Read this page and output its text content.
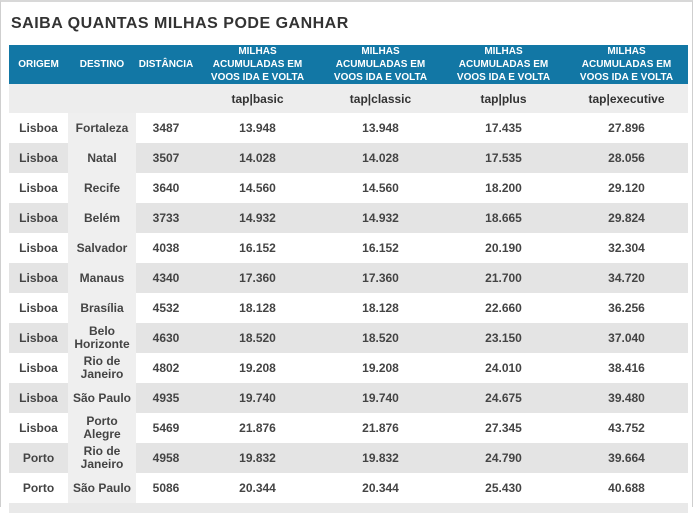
SAIBA QUANTAS MILHAS PODE GANHAR
ORIGEM	DESTINO	DISTÂNCIA	MILHAS ACUMULADAS EM VOOS IDA E VOLTA	MILHAS ACUMULADAS EM VOOS IDA E VOLTA	MILHAS ACUMULADAS EM VOOS IDA E VOLTA	MILHAS ACUMULADAS EM VOOS IDA E VOLTA
			tap|basic	tap|classic	tap|plus	tap|executive
Lisboa	Fortaleza	3487	13.948	13.948	17.435	27.896
Lisboa	Natal	3507	14.028	14.028	17.535	28.056
Lisboa	Recife	3640	14.560	14.560	18.200	29.120
Lisboa	Belém	3733	14.932	14.932	18.665	29.824
Lisboa	Salvador	4038	16.152	16.152	20.190	32.304
Lisboa	Manaus	4340	17.360	17.360	21.700	34.720
Lisboa	Brasília	4532	18.128	18.128	22.660	36.256
Lisboa	Belo Horizonte	4630	18.520	18.520	23.150	37.040
Lisboa	Rio de Janeiro	4802	19.208	19.208	24.010	38.416
Lisboa	São Paulo	4935	19.740	19.740	24.675	39.480
Lisboa	Porto Alegre	5469	21.876	21.876	27.345	43.752
Porto	Rio de Janeiro	4958	19.832	19.832	24.790	39.664
Porto	São Paulo	5086	20.344	20.344	25.430	40.688
